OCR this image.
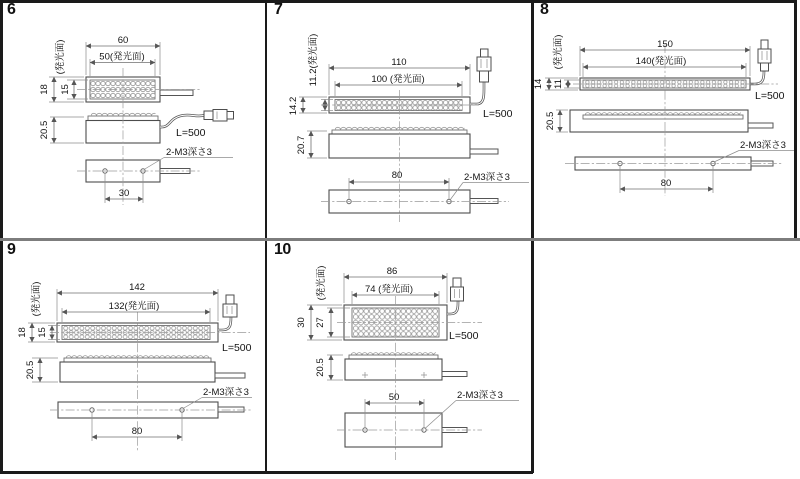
6
60
50(発光面)
(発光面)
18 15
20.5	L=500
2-M3深さ3
30
7
110
100 (発光面)
11.2(発光面)
14.2
20.7
L=500
80	2-M3深さ3
8
150
140(発光面)
(発光面)
14 11
20.5
L=500
80
2-M3深さ3
9
142
132(発光面)
(発光面)
18 15
20.5
L=500
80
2-M3深さ3
10
86
74 (発光面)
(発光面)
30 27
20.5
L=500
50	2-M3深さ3
